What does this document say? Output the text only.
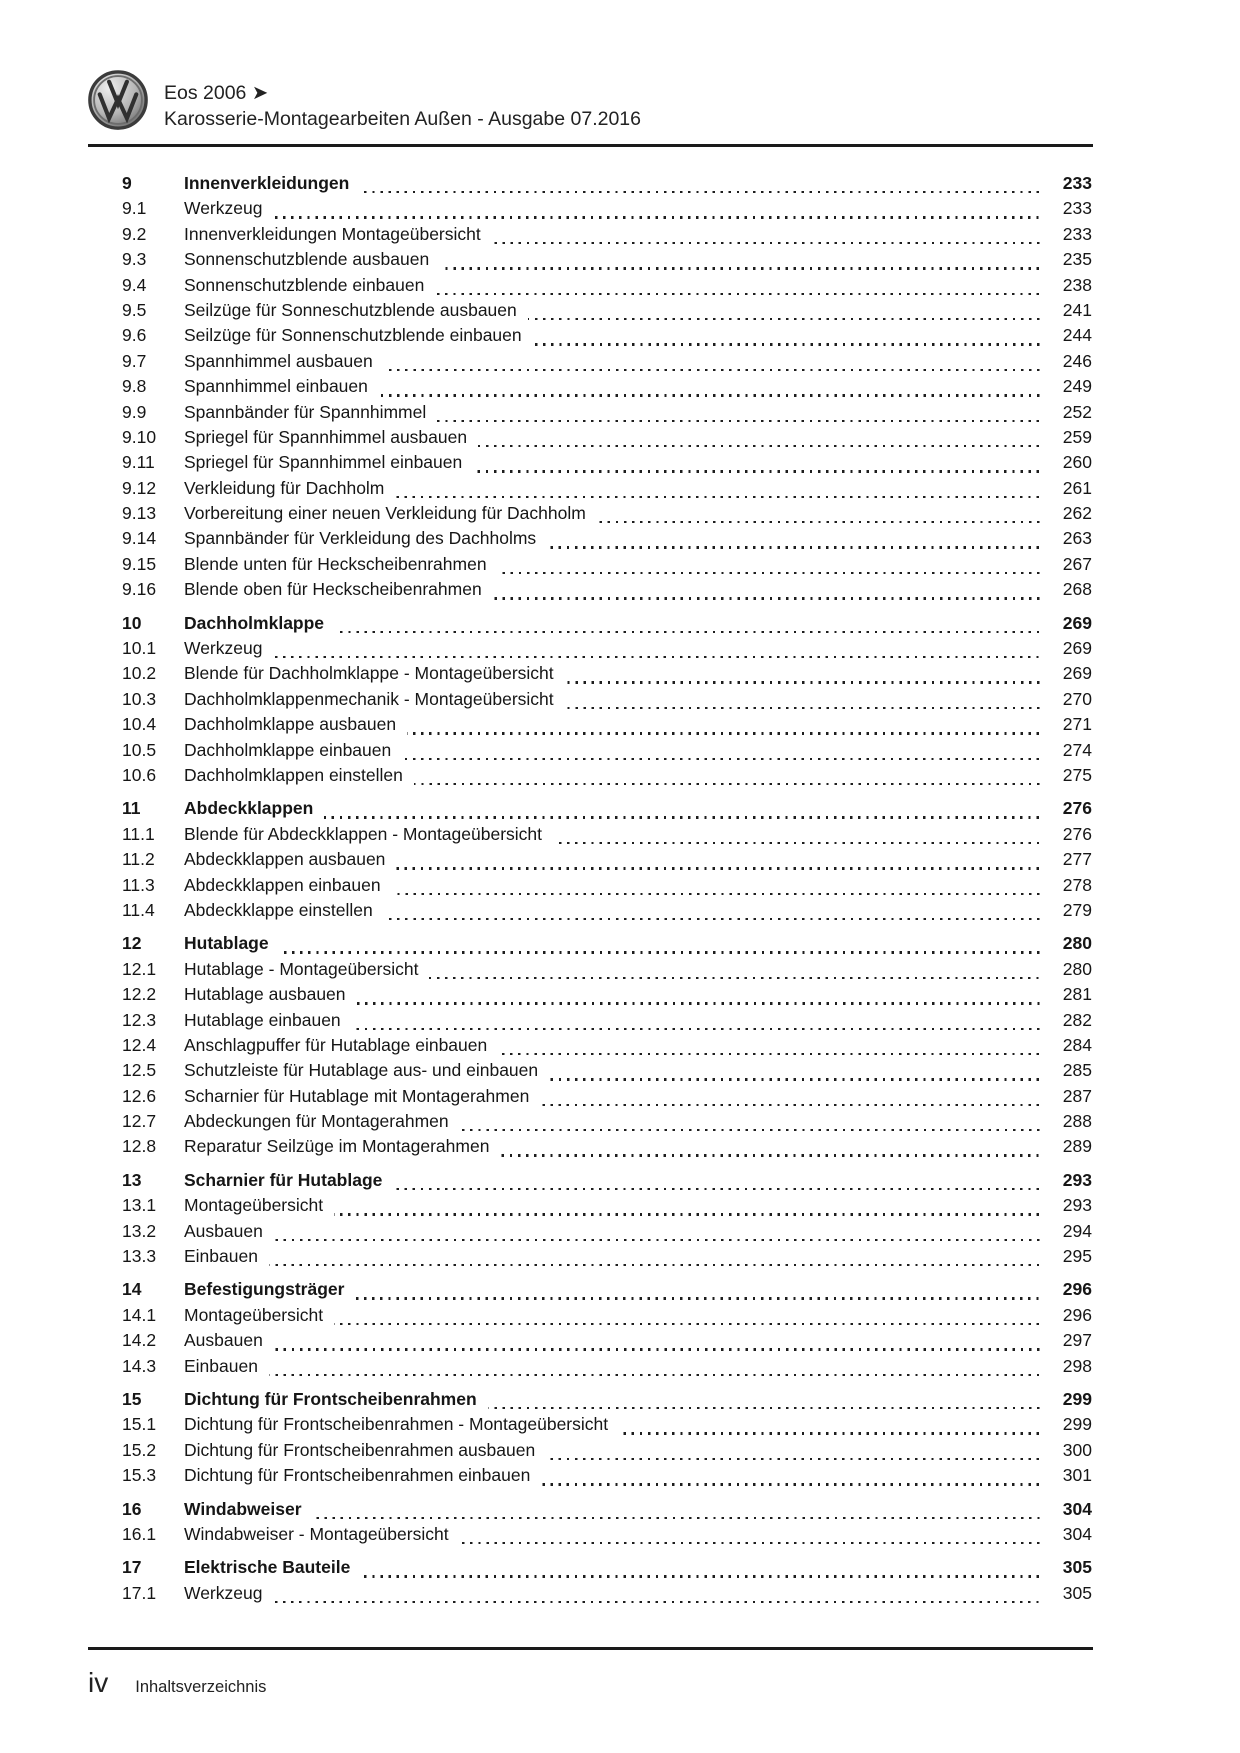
Eos 2006 ➤
Karosserie-Montagearbeiten Außen - Ausgabe 07.2016
9	Innenverkleidungen	233
9.1	Werkzeug	233
9.2	Innenverkleidungen Montageübersicht	233
9.3	Sonnenschutzblende ausbauen	235
9.4	Sonnenschutzblende einbauen	238
9.5	Seilzüge für Sonneschutzblende ausbauen	241
9.6	Seilzüge für Sonnenschutzblende einbauen	244
9.7	Spannhimmel ausbauen	246
9.8	Spannhimmel einbauen	249
9.9	Spannbänder für Spannhimmel	252
9.10	Spriegel für Spannhimmel ausbauen	259
9.11	Spriegel für Spannhimmel einbauen	260
9.12	Verkleidung für Dachholm	261
9.13	Vorbereitung einer neuen Verkleidung für Dachholm	262
9.14	Spannbänder für Verkleidung des Dachholms	263
9.15	Blende unten für Heckscheibenrahmen	267
9.16	Blende oben für Heckscheibenrahmen	268
10	Dachholmklappe	269
10.1	Werkzeug	269
10.2	Blende für Dachholmklappe - Montageübersicht	269
10.3	Dachholmklappenmechanik - Montageübersicht	270
10.4	Dachholmklappe ausbauen	271
10.5	Dachholmklappe einbauen	274
10.6	Dachholmklappen einstellen	275
11	Abdeckklappen	276
11.1	Blende für Abdeckklappen - Montageübersicht	276
11.2	Abdeckklappen ausbauen	277
11.3	Abdeckklappen einbauen	278
11.4	Abdeckklappe einstellen	279
12	Hutablage	280
12.1	Hutablage - Montageübersicht	280
12.2	Hutablage ausbauen	281
12.3	Hutablage einbauen	282
12.4	Anschlagpuffer für Hutablage einbauen	284
12.5	Schutzleiste für Hutablage aus- und einbauen	285
12.6	Scharnier für Hutablage mit Montagerahmen	287
12.7	Abdeckungen für Montagerahmen	288
12.8	Reparatur Seilzüge im Montagerahmen	289
13	Scharnier für Hutablage	293
13.1	Montageübersicht	293
13.2	Ausbauen	294
13.3	Einbauen	295
14	Befestigungsträger	296
14.1	Montageübersicht	296
14.2	Ausbauen	297
14.3	Einbauen	298
15	Dichtung für Frontscheibenrahmen	299
15.1	Dichtung für Frontscheibenrahmen - Montageübersicht	299
15.2	Dichtung für Frontscheibenrahmen ausbauen	300
15.3	Dichtung für Frontscheibenrahmen einbauen	301
16	Windabweiser	304
16.1	Windabweiser - Montageübersicht	304
17	Elektrische Bauteile	305
17.1	Werkzeug	305
iv Inhaltsverzeichnis
